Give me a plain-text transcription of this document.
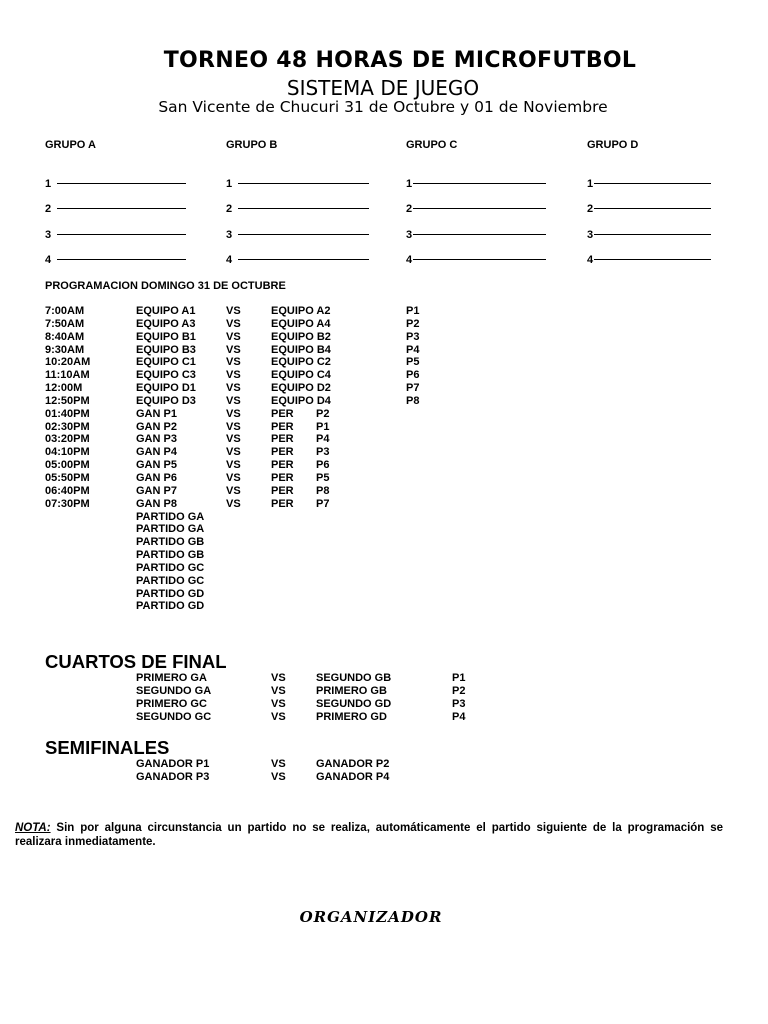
TORNEO 48 HORAS DE MICROFUTBOL
SISTEMA DE JUEGO
San Vicente de Chucuri 31 de Octubre y 01 de Noviembre
GRUPO A
1
2
3
4
GRUPO B
1
2
3
4
GRUPO C
1
2
3
4
GRUPO D
1
2
3
4
PROGRAMACION DOMINGO 31 DE OCTUBRE
7:00AM	EQUIPO A1	VS	EQUIPO A2	P1
7:50AM	EQUIPO A3	VS	EQUIPO A4	P2
8:40AM	EQUIPO B1	VS	EQUIPO B2	P3
9:30AM	EQUIPO B3	VS	EQUIPO B4	P4
10:20AM	EQUIPO C1	VS	EQUIPO C2	P5
11:10AM	EQUIPO C3	VS	EQUIPO C4	P6
12:00M	EQUIPO D1	VS	EQUIPO D2	P7
12:50PM	EQUIPO D3	VS	EQUIPO D4	P8
01:40PM	GAN P1	VS	PER P2
02:30PM	GAN P2	VS	PER P1
03:20PM	GAN P3	VS	PER P4
04:10PM	GAN P4	VS	PER P3
05:00PM	GAN P5	VS	PER P6
05:50PM	GAN P6	VS	PER P5
06:40PM	GAN P7	VS	PER P8
07:30PM	GAN P8	VS	PER P7
PARTIDO GA
PARTIDO GA
PARTIDO GB
PARTIDO GB
PARTIDO GC
PARTIDO GC
PARTIDO GD
PARTIDO GD
CUARTOS DE FINAL
PRIMERO GA	VS	SEGUNDO GB	P1
SEGUNDO GA	VS	PRIMERO GB	P2
PRIMERO GC	VS	SEGUNDO GD	P3
SEGUNDO GC	VS	PRIMERO GD	P4
SEMIFINALES
GANADOR P1	VS	GANADOR P2
GANADOR P3	VS	GANADOR P4
NOTA: Sin por alguna circunstancia un partido no se realiza, automáticamente el partido siguiente de la programación se realizara inmediatamente.
ORGANIZADOR
